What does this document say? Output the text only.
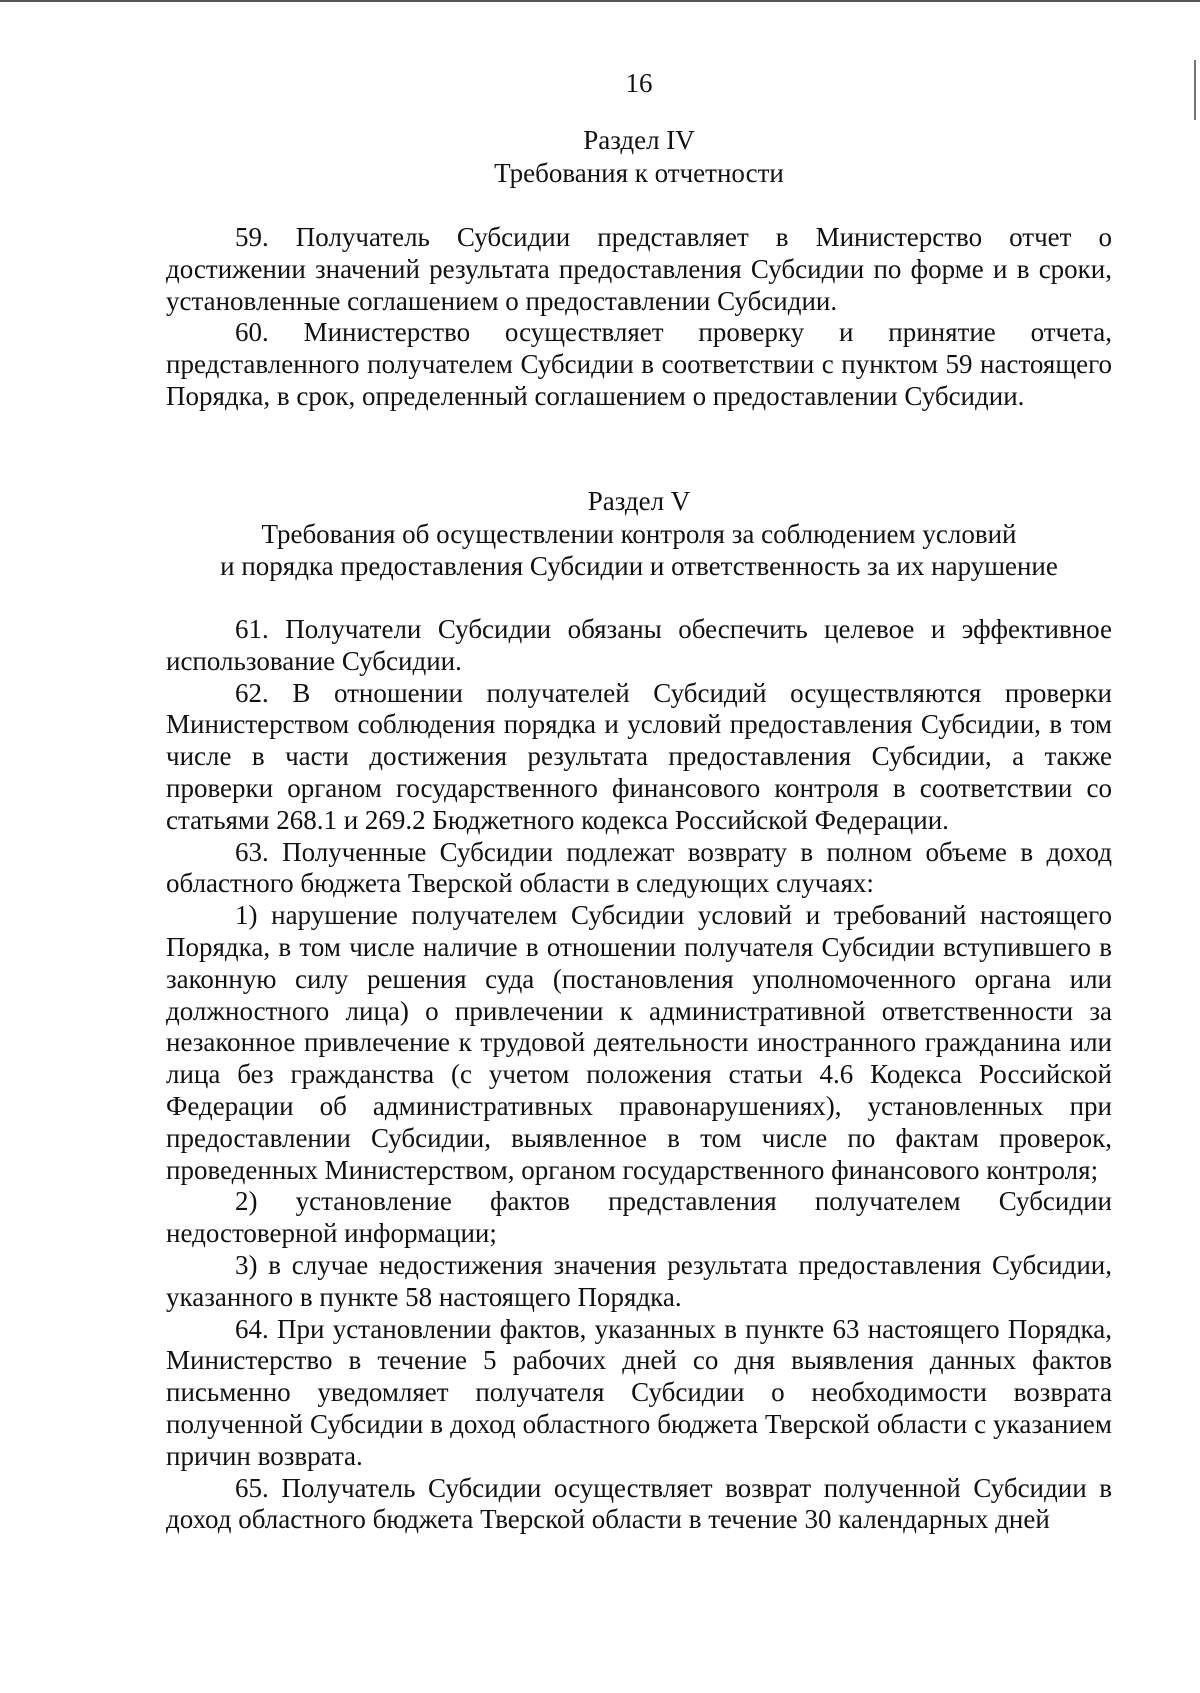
16
Раздел IV
Требования к отчетности

59. Получатель Субсидии представляет в Министерство отчет о достижении значений результата предоставления Субсидии по форме и в сроки, установленные соглашением о предоставлении Субсидии.

60. Министерство осуществляет проверку и принятие отчета, представленного получателем Субсидии в соответствии с пунктом 59 настоящего Порядка, в срок, определенный соглашением о предоставлении Субсидии.

Раздел V
Требования об осуществлении контроля за соблюдением условий
и порядка предоставления Субсидии и ответственность за их нарушение

61. Получатели Субсидии обязаны обеспечить целевое и эффективное использование Субсидии.

62. В отношении получателей Субсидий осуществляются проверки Министерством соблюдения порядка и условий предоставления Субсидии, в том числе в части достижения результата предоставления Субсидии, а также проверки органом государственного финансового контроля в соответствии со статьями 268.1 и 269.2 Бюджетного кодекса Российской Федерации.

63. Полученные Субсидии подлежат возврату в полном объеме в доход областного бюджета Тверской области в следующих случаях:

1) нарушение получателем Субсидии условий и требований настоящего Порядка, в том числе наличие в отношении получателя Субсидии вступившего в законную силу решения суда (постановления уполномоченного органа или должностного лица) о привлечении к административной ответственности за незаконное привлечение к трудовой деятельности иностранного гражданина или лица без гражданства (с учетом положения статьи 4.6 Кодекса Российской Федерации об административных правонарушениях), установленных при предоставлении Субсидии, выявленное в том числе по фактам проверок, проведенных Министерством, органом государственного финансового контроля;

2) установление фактов представления получателем Субсидии недостоверной информации;

3) в случае недостижения значения результата предоставления Субсидии, указанного в пункте 58 настоящего Порядка.

64. При установлении фактов, указанных в пункте 63 настоящего Порядка, Министерство в течение 5 рабочих дней со дня выявления данных фактов письменно уведомляет получателя Субсидии о необходимости возврата полученной Субсидии в доход областного бюджета Тверской области с указанием причин возврата.

65. Получатель Субсидии осуществляет возврат полученной Субсидии в доход областного бюджета Тверской области в течение 30 календарных дней
